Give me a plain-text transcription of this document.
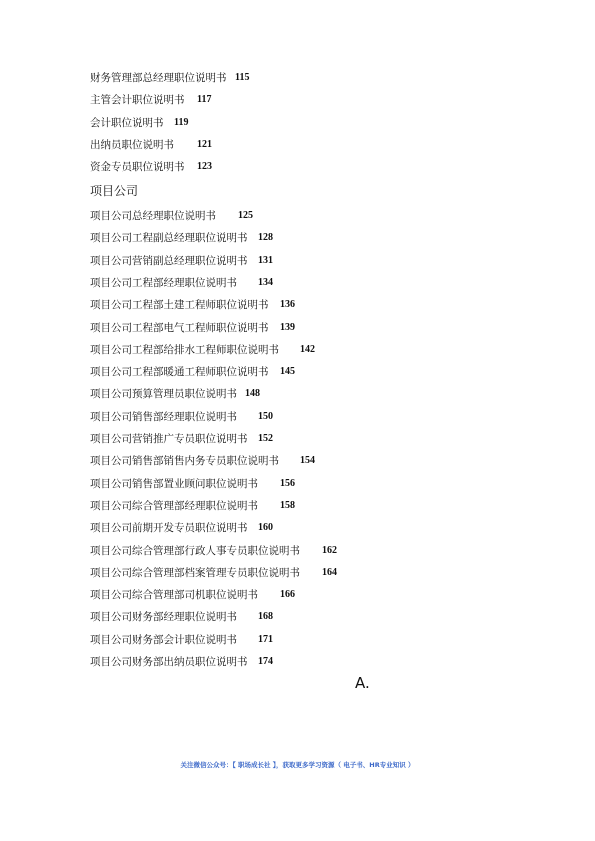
财务管理部总经理职位说明书 115
主管会计职位说明书 117
会计职位说明书 119
出纳员职位说明书 121
资金专员职位说明书 123
项目公司
项目公司总经理职位说明书 125
项目公司工程副总经理职位说明书 128
项目公司营销副总经理职位说明书 131
项目公司工程部经理职位说明书 134
项目公司工程部土建工程师职位说明书 136
项目公司工程部电气工程师职位说明书 139
项目公司工程部给排水工程师职位说明书 142
项目公司工程部暖通工程师职位说明书 145
项目公司预算管理员职位说明书 148
项目公司销售部经理职位说明书 150
项目公司营销推广专员职位说明书 152
项目公司销售部销售内务专员职位说明书 154
项目公司销售部置业顾问职位说明书 156
项目公司综合管理部经理职位说明书 158
项目公司前期开发专员职位说明书 160
项目公司综合管理部行政人事专员职位说明书 162
项目公司综合管理部档案管理专员职位说明书 164
项目公司综合管理部司机职位说明书 166
项目公司财务部经理职位说明书 168
项目公司财务部会计职位说明书 171
项目公司财务部出纳员职位说明书 174
A.
关注微信公众号：【 职场成长社 】，获取更多学习资源（ 电子书、HR专业知识 ）
